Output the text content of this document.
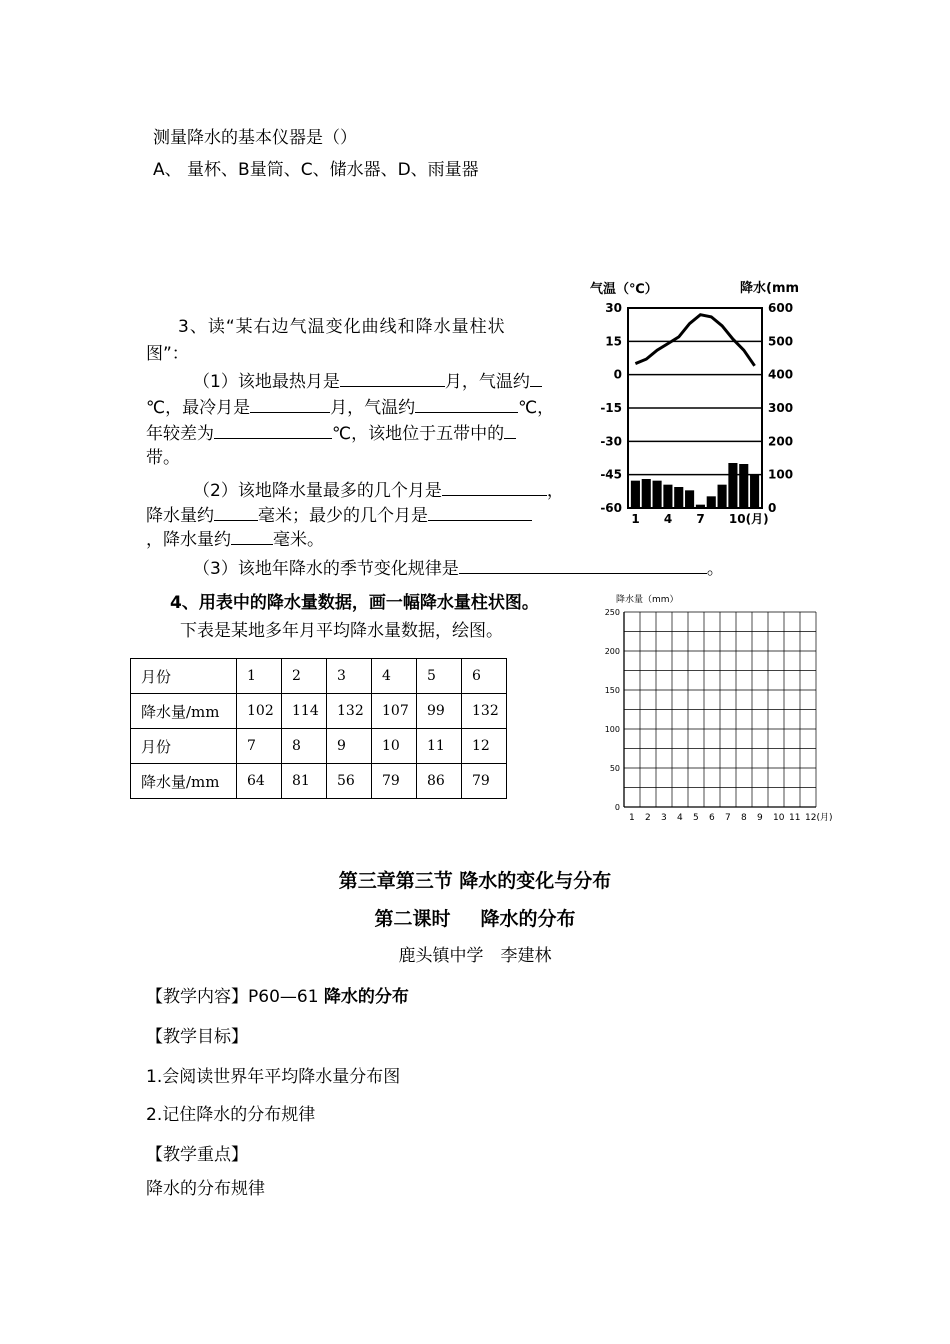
测量降水的基本仪器是（）
A、 量杯、B量筒、C、储水器、D、雨量器
3、读“某右边气温变化曲线和降水量柱状
图”：
（1）该地最热月是	月，气温约
℃，最冷月是	月，气温约	℃，
年较差为	℃，该地位于五带中的
带。
（2）该地降水量最多的几个月是	，
降水量约	毫米；最少的几个月是
，降水量约 毫米。
（3）该地年降水的季节变化规律是	。
气温（℃）	降水(mm
30
15
0
-15
-30
-45
-60
600
500
400
300
200
100
0
1 4 7 10(月)
4、用表中的降水量数据，画一幅降水量柱状图。
下表是某地多年月平均降水量数据，绘图。
月份	1	2	3	4	5	6
降水量/mm	102	114	132	107	99	132
月份	7	8	9	10	11	12
降水量/mm	64	81	56	79	86	79
降水量（mm）
250
200
150
100
50
0
1 2 3 4 5 6 7 8 9 10 11 12(月)
第三章第三节 降水的变化与分布
第二课时 降水的分布
鹿头镇中学　李建林
【教学内容】P60—61 降水的分布
【教学目标】
1.会阅读世界年平均降水量分布图
2.记住降水的分布规律
【教学重点】
降水的分布规律
